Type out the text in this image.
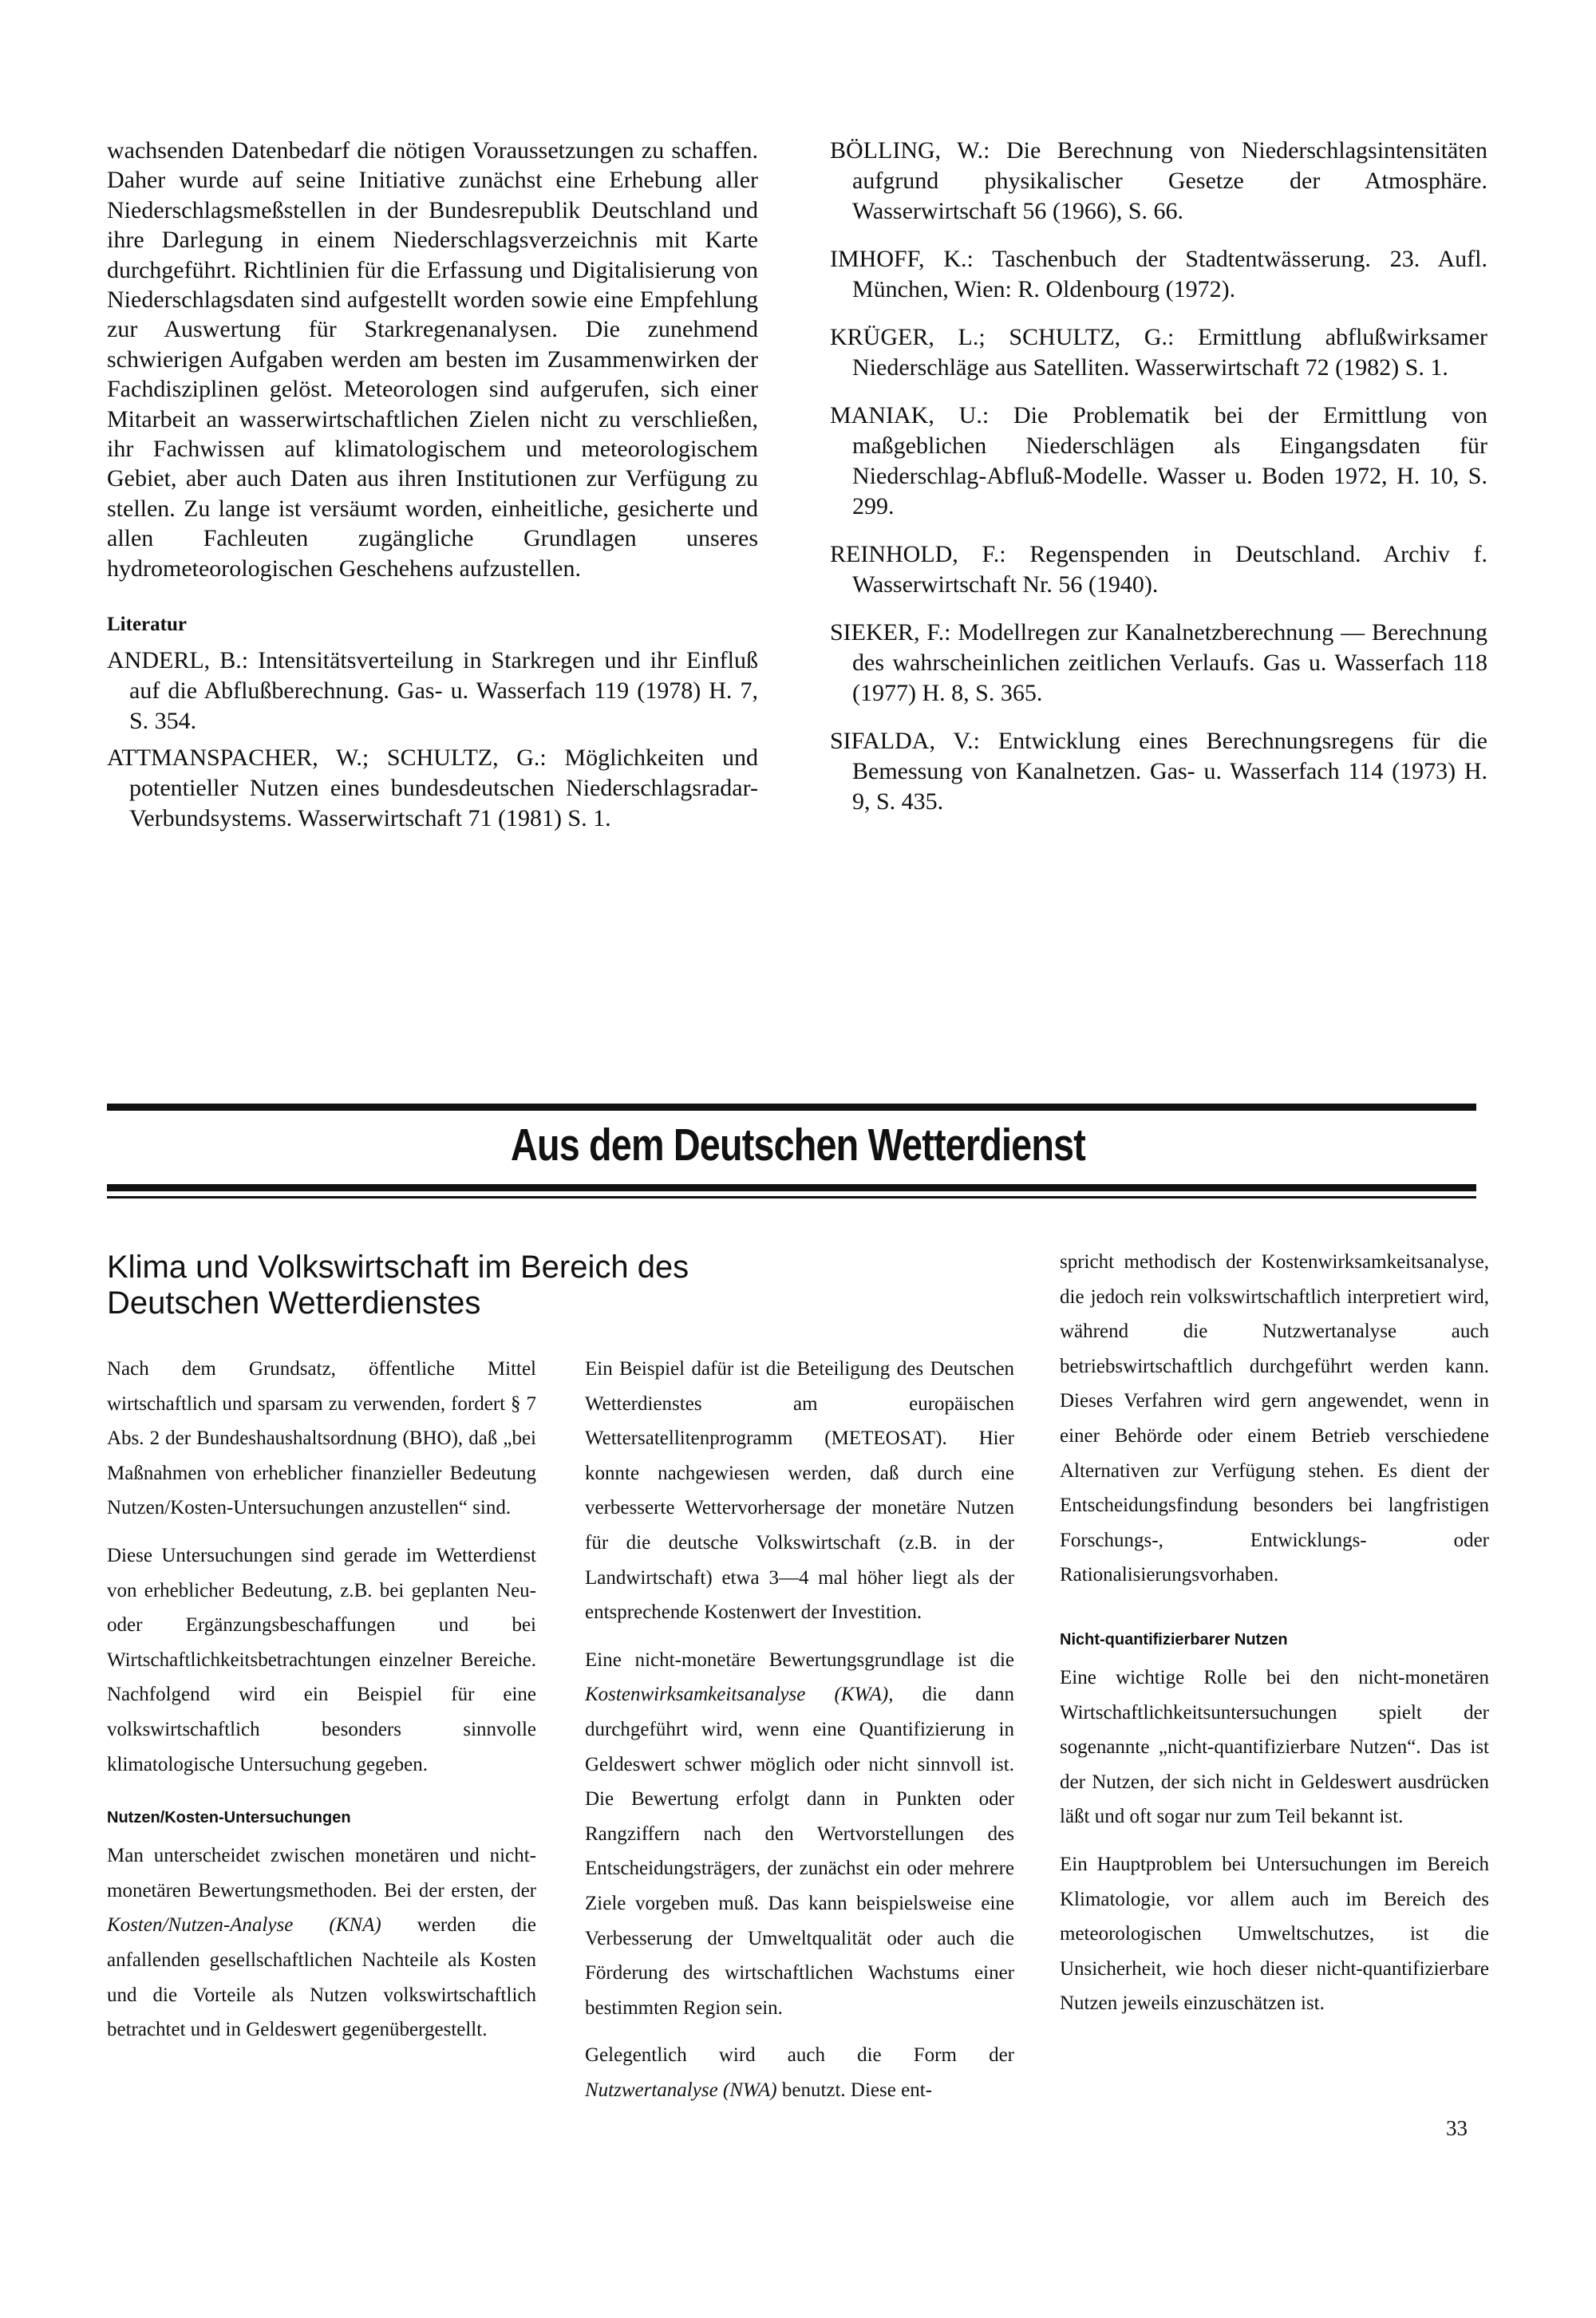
wachsenden Datenbedarf die nötigen Voraussetzungen zu schaffen. Daher wurde auf seine Initiative zunächst eine Erhebung aller Niederschlagsmeßstellen in der Bundesrepublik Deutschland und ihre Darlegung in einem Niederschlagsverzeichnis mit Karte durchgeführt. Richtlinien für die Erfassung und Digitalisierung von Niederschlagsdaten sind aufgestellt worden sowie eine Empfehlung zur Auswertung für Starkregenanalysen. Die zunehmend schwierigen Aufgaben werden am besten im Zusammenwirken der Fachdisziplinen gelöst. Meteorologen sind aufgerufen, sich einer Mitarbeit an wasserwirtschaftlichen Zielen nicht zu verschließen, ihr Fachwissen auf klimatologischem und meteorologischem Gebiet, aber auch Daten aus ihren Institutionen zur Verfügung zu stellen. Zu lange ist versäumt worden, einheitliche, gesicherte und allen Fachleuten zugängliche Grundlagen unseres hydrometeorologischen Geschehens aufzustellen.

Literatur

ANDERL, B.: Intensitätsverteilung in Starkregen und ihr Einfluß auf die Abflußberechnung. Gas- u. Wasserfach 119 (1978) H. 7, S. 354.

ATTMANSPACHER, W.; SCHULTZ, G.: Möglichkeiten und potentieller Nutzen eines bundesdeutschen Niederschlagsradar-Verbundsystems. Wasserwirtschaft 71 (1981) S. 1.

BÖLLING, W.: Die Berechnung von Niederschlagsintensitäten aufgrund physikalischer Gesetze der Atmosphäre. Wasserwirtschaft 56 (1966), S. 66.

IMHOFF, K.: Taschenbuch der Stadtentwässerung. 23. Aufl. München, Wien: R. Oldenbourg (1972).

KRÜGER, L.; SCHULTZ, G.: Ermittlung abflußwirksamer Niederschläge aus Satelliten. Wasserwirtschaft 72 (1982) S. 1.

MANIAK, U.: Die Problematik bei der Ermittlung von maßgeblichen Niederschlägen als Eingangsdaten für Niederschlag-Abfluß-Modelle. Wasser u. Boden 1972, H. 10, S. 299.

REINHOLD, F.: Regenspenden in Deutschland. Archiv f. Wasserwirtschaft Nr. 56 (1940).

SIEKER, F.: Modellregen zur Kanalnetzberechnung — Berechnung des wahrscheinlichen zeitlichen Verlaufs. Gas u. Wasserfach 118 (1977) H. 8, S. 365.

SIFALDA, V.: Entwicklung eines Berechnungsregens für die Bemessung von Kanalnetzen. Gas- u. Wasserfach 114 (1973) H. 9, S. 435.

Aus dem Deutschen Wetterdienst
Klima und Volkswirtschaft im Bereich des Deutschen Wetterdienstes

Nach dem Grundsatz, öffentliche Mittel wirtschaftlich und sparsam zu verwenden, fordert § 7 Abs. 2 der Bundeshaushaltsordnung (BHO), daß „bei Maßnahmen von erheblicher finanzieller Bedeutung Nutzen/Kosten-Untersuchungen anzustellen“ sind.

Diese Untersuchungen sind gerade im Wetterdienst von erheblicher Bedeutung, z.B. bei geplanten Neu- oder Ergänzungsbeschaffungen und bei Wirtschaftlichkeitsbetrachtungen einzelner Bereiche. Nachfolgend wird ein Beispiel für eine volkswirtschaftlich besonders sinnvolle klimatologische Untersuchung gegeben.

Nutzen/Kosten-Untersuchungen

Man unterscheidet zwischen monetären und nicht-monetären Bewertungsmethoden. Bei der ersten, der Kosten/Nutzen-Analyse (KNA) werden die anfallenden gesellschaftlichen Nachteile als Kosten und die Vorteile als Nutzen volkswirtschaftlich betrachtet und in Geldeswert gegenübergestellt.

Ein Beispiel dafür ist die Beteiligung des Deutschen Wetterdienstes am europäischen Wettersatellitenprogramm (METEOSAT). Hier konnte nachgewiesen werden, daß durch eine verbesserte Wettervorhersage der monetäre Nutzen für die deutsche Volkswirtschaft (z.B. in der Landwirtschaft) etwa 3—4 mal höher liegt als der entsprechende Kostenwert der Investition.

Eine nicht-monetäre Bewertungsgrundlage ist die Kostenwirksamkeitsanalyse (KWA), die dann durchgeführt wird, wenn eine Quantifizierung in Geldeswert schwer möglich oder nicht sinnvoll ist. Die Bewertung erfolgt dann in Punkten oder Rangziffern nach den Wertvorstellungen des Entscheidungsträgers, der zunächst ein oder mehrere Ziele vorgeben muß. Das kann beispielsweise eine Verbesserung der Umweltqualität oder auch die Förderung des wirtschaftlichen Wachstums einer bestimmten Region sein.

Gelegentlich wird auch die Form der Nutzwertanalyse (NWA) benutzt. Diese ent-

spricht methodisch der Kostenwirksamkeitsanalyse, die jedoch rein volkswirtschaftlich interpretiert wird, während die Nutzwertanalyse auch betriebswirtschaftlich durchgeführt werden kann. Dieses Verfahren wird gern angewendet, wenn in einer Behörde oder einem Betrieb verschiedene Alternativen zur Verfügung stehen. Es dient der Entscheidungsfindung besonders bei langfristigen Forschungs-, Entwicklungs- oder Rationalisierungsvorhaben.

Nicht-quantifizierbarer Nutzen

Eine wichtige Rolle bei den nicht-monetären Wirtschaftlichkeitsuntersuchungen spielt der sogenannte „nicht-quantifizierbare Nutzen“. Das ist der Nutzen, der sich nicht in Geldeswert ausdrücken läßt und oft sogar nur zum Teil bekannt ist.

Ein Hauptproblem bei Untersuchungen im Bereich Klimatologie, vor allem auch im Bereich des meteorologischen Umweltschutzes, ist die Unsicherheit, wie hoch dieser nicht-quantifizierbare Nutzen jeweils einzuschätzen ist.

33
